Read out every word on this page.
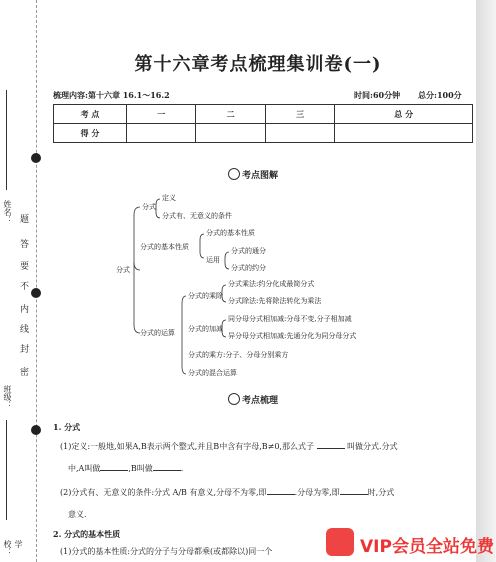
题
答
要
不
内
线
封
密
姓名：
班级：
学校：
第十六章考点梳理集训卷(一)
梳理内容:第十六章 16.1～16.2	时间:60分钟 总分:100分
考 点	一	二	三	总 分
得 分				
考点图解
分式
分式
定义
分式有、无意义的条件
分式的基本性质
分式的基本性质
运用
分式的通分
分式的约分
分式的运算
分式的乘除
分式乘法:约分化成最简分式
分式除法:先将除法转化为乘法
分式的加减
同分母分式相加减:分母不变,分子相加减
异分母分式相加减:先通分化为同分母分式
分式的乘方:分子、分母分别乘方
分式的混合运算
考点梳理
1. 分式
(1)定义:一般地,如果A,B表示两个整式,并且B中含有字母,B≠0,那么式子	叫做分式.分式
中,A叫做	,B叫做	.
(2)分式有、无意义的条件:分式 A/B 有意义,分母不为零,即	.分母为零,即	时,分式
意义.
2. 分式的基本性质
(1)分式的基本性质:分式的分子与分母都乘(或都除以)同一个	VIP会员全站免费
